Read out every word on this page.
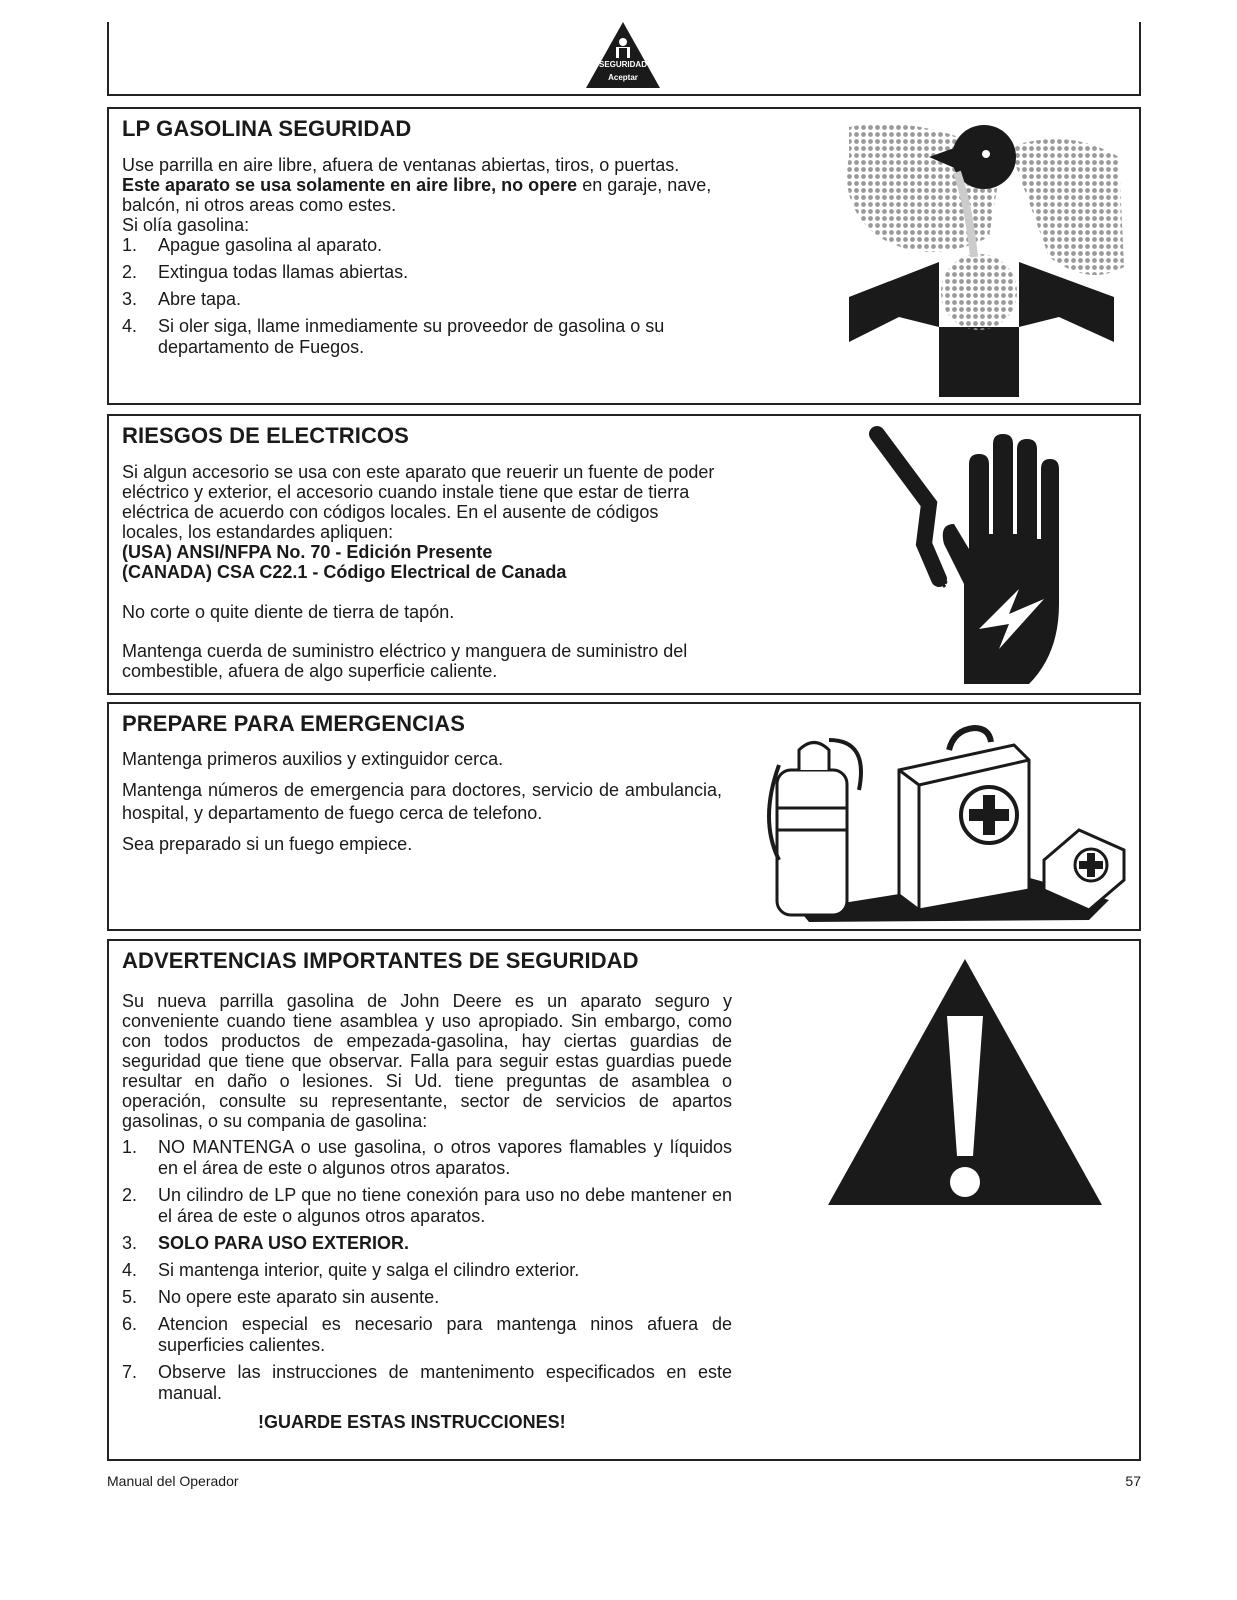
SEGURIDAD
Aceptar
LP GASOLINA SEGURIDAD

Use parrilla en aire libre, afuera de ventanas abiertas, tiros, o puertas.

Este aparato se usa solamente en aire libre, no opere en garaje, nave, balcón, ni otros areas como estes.

Si olía gasolina:

1. Apague gasolina al aparato.
2. Extingua todas llamas abiertas.
3. Abre tapa.
4. Si oler siga, llame inmediamente su proveedor de gasolina o su departamento de Fuegos.
RIESGOS DE ELECTRICOS

Si algun accesorio se usa con este aparato que reuerir un fuente de poder eléctrico y exterior, el accesorio cuando instale tiene que estar de tierra eléctrica de acuerdo con códigos locales. En el ausente de códigos locales, los estandardes apliquen:

(USA) ANSI/NFPA No. 70 - Edición Presente

(CANADA) CSA C22.1 - Código Electrical de Canada

No corte o quite diente de tierra de tapón.

Mantenga cuerda de suministro eléctrico y manguera de suministro del combestible, afuera de algo superficie caliente.

PREPARE PARA EMERGENCIAS

Mantenga primeros auxilios y extinguidor cerca.

Mantenga números de emergencia para doctores, servicio de ambulancia, hospital, y departamento de fuego cerca de telefono.

Sea preparado si un fuego empiece.

ADVERTENCIAS IMPORTANTES DE SEGURIDAD

Su nueva parrilla gasolina de John Deere es un aparato seguro y conveniente cuando tiene asamblea y uso apropiado. Sin embargo, como con todos productos de empezada-gasolina, hay ciertas guardias de seguridad que tiene que observar. Falla para seguir estas guardias puede resultar en daño o lesiones. Si Ud. tiene preguntas de asamblea o operación, consulte su representante, sector de servicios de apartos gasolinas, o su compania de gasolina:

1. NO MANTENGA o use gasolina, o otros vapores flamables y líquidos en el área de este o algunos otros aparatos.
2. Un cilindro de LP que no tiene conexión para uso no debe mantener en el área de este o algunos otros aparatos.
3. SOLO PARA USO EXTERIOR.
4. Si mantenga interior, quite y salga el cilindro exterior.
5. No opere este aparato sin ausente.
6. Atencion especial es necesario para mantenga ninos afuera de superficies calientes.
7. Observe las instrucciones de mantenimento especificados en este manual.

!GUARDE ESTAS INSTRUCCIONES!

Manual del Operador	57
